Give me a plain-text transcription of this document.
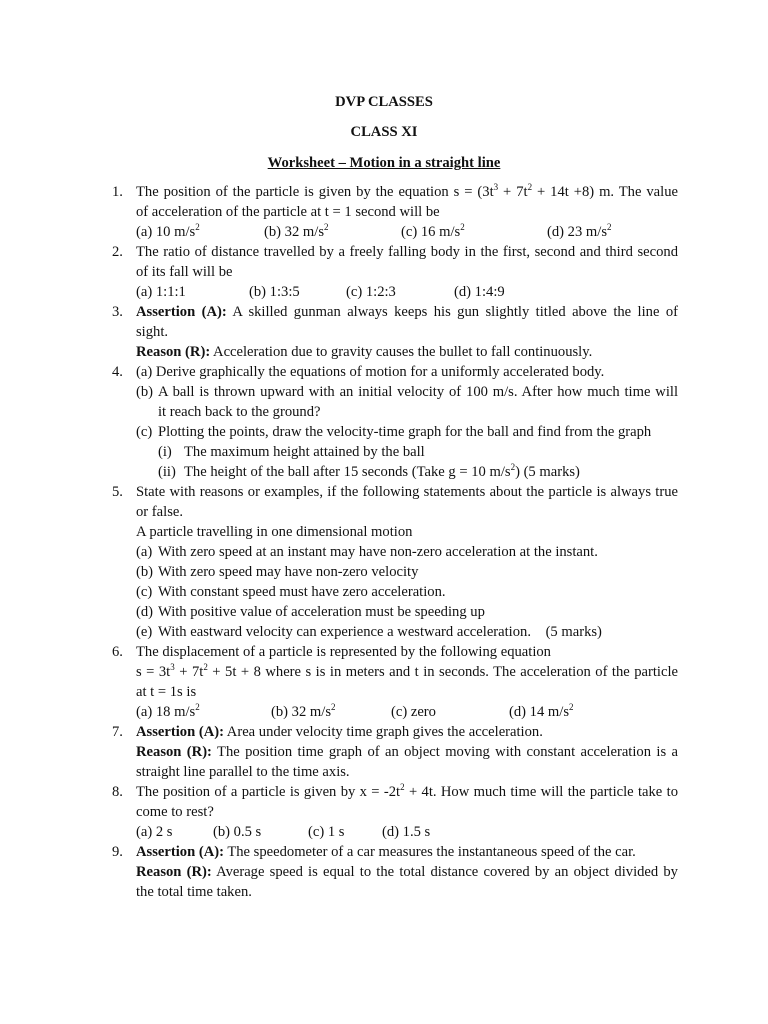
DVP CLASSES
CLASS XI
Worksheet – Motion in a straight line
1. The position of the particle is given by the equation $s = (3t^3 + 7t^2 + 14t +8)$ m. The value
of acceleration of the particle at t = 1 second will be
(a) 10 $m/s^2$	(b) 32 $m/s^2$	(c) 16 $m/s^2$	(d) 23 $m/s^2$
2. The ratio of distance travelled by a freely falling body in the first, second and third second
of its fall will be
(a) 1:1:1	(b) 1:3:5	(c) 1:2:3	(d) 1:4:9
3. Assertion (A): A skilled gunman always keeps his gun slightly titled above the line of
sight.
Reason (R): Acceleration due to gravity causes the bullet to fall continuously.
4. (a) Derive graphically the equations of motion for a uniformly accelerated body.
(b) A ball is thrown upward with an initial velocity of 100 m/s. After how much time will
it reach back to the ground?
(c) Plotting the points, draw the velocity-time graph for the ball and find from the graph
(i) The maximum height attained by the ball
(ii) The height of the ball after 15 seconds (Take g = 10 $m/s^2$) (5 marks)
5. State with reasons or examples, if the following statements about the particle is always true
or false.
A particle travelling in one dimensional motion
(a) With zero speed at an instant may have non-zero acceleration at the instant.
(b) With zero speed may have non-zero velocity
(c) With constant speed must have zero acceleration.
(d) With positive value of acceleration must be speeding up
(e) With eastward velocity can experience a westward acceleration.    (5 marks)
6. The displacement of a particle is represented by the following equation
$s = 3t^3 + 7t^2 + 5t + 8$ where s is in meters and t in seconds. The acceleration of the particle
at t = 1s is
(a) 18 $m/s^2$	(b) 32 $m/s^2$	(c) zero	(d) 14 $m/s^2$
7. Assertion (A): Area under velocity time graph gives the acceleration.
Reason (R): The position time graph of an object moving with constant acceleration is a
straight line parallel to the time axis.
8. The position of a particle is given by $x = -2t^2 + 4t$. How much time will the particle take to
come to rest?
(a) 2 s	(b) 0.5 s	(c) 1 s	(d) 1.5 s
9. Assertion (A): The speedometer of a car measures the instantaneous speed of the car.
Reason (R): Average speed is equal to the total distance covered by an object divided by
the total time taken.
